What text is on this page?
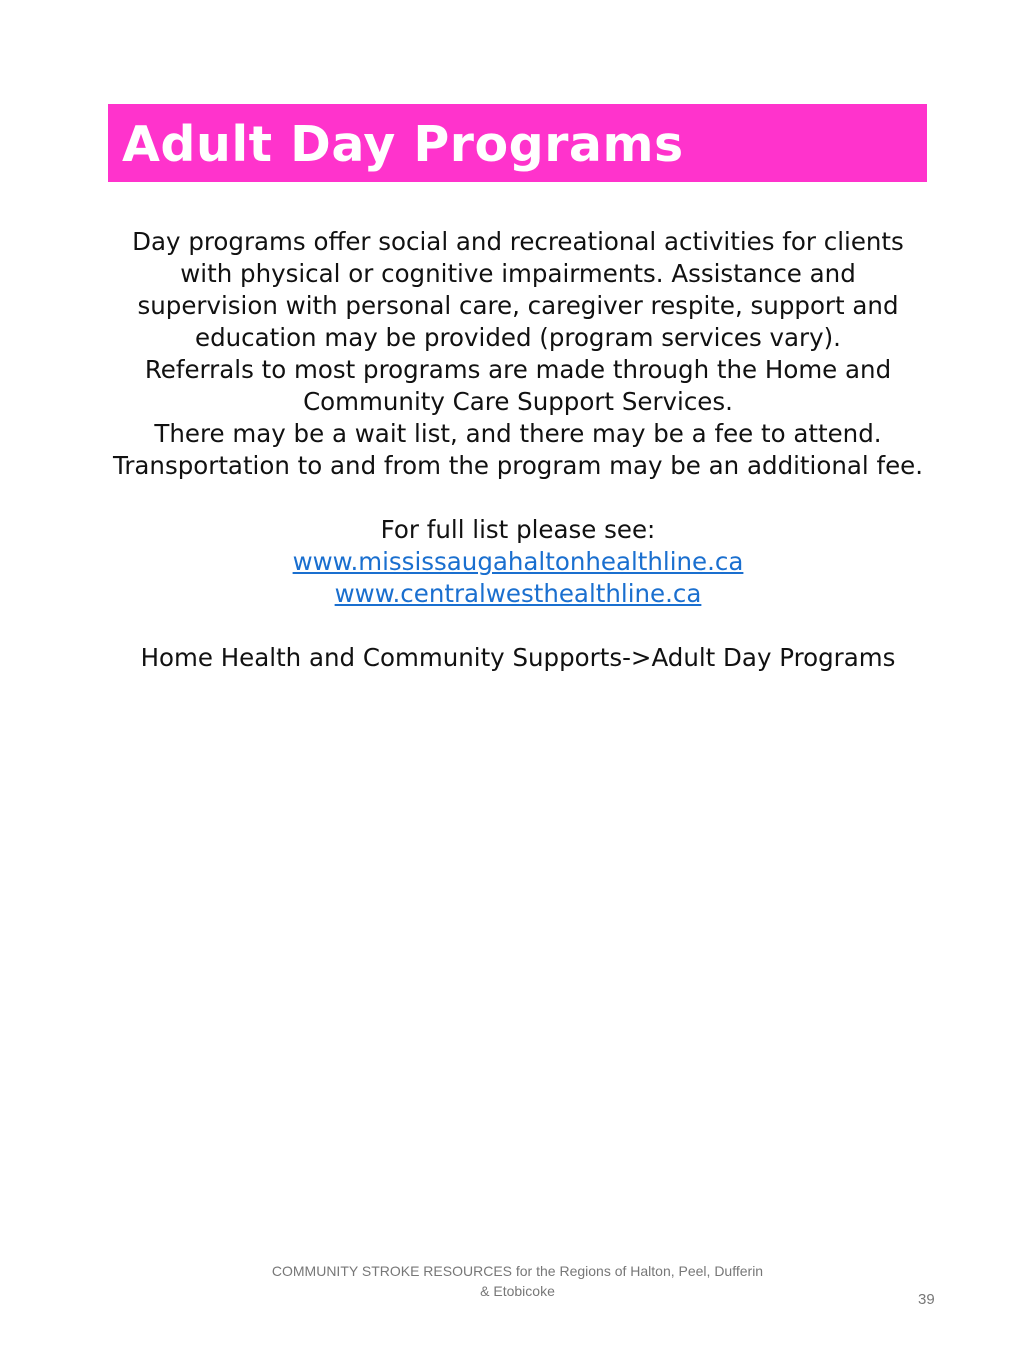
Adult Day Programs

Day programs offer social and recreational activities for clients with physical or cognitive impairments. Assistance and supervision with personal care, caregiver respite, support and education may be provided (program services vary).

Referrals to most programs are made through the Home and Community Care Support Services.

There may be a wait list, and there may be a fee to attend. Transportation to and from the program may be an additional fee.

For full list please see:

www.mississaugahaltonhealthline.ca
www.centralwesthealthline.ca

Home Health and Community Supports->Adult Day Programs

COMMUNITY STROKE RESOURCES for the Regions of Halton, Peel, Dufferin
& Etobicoke	39
